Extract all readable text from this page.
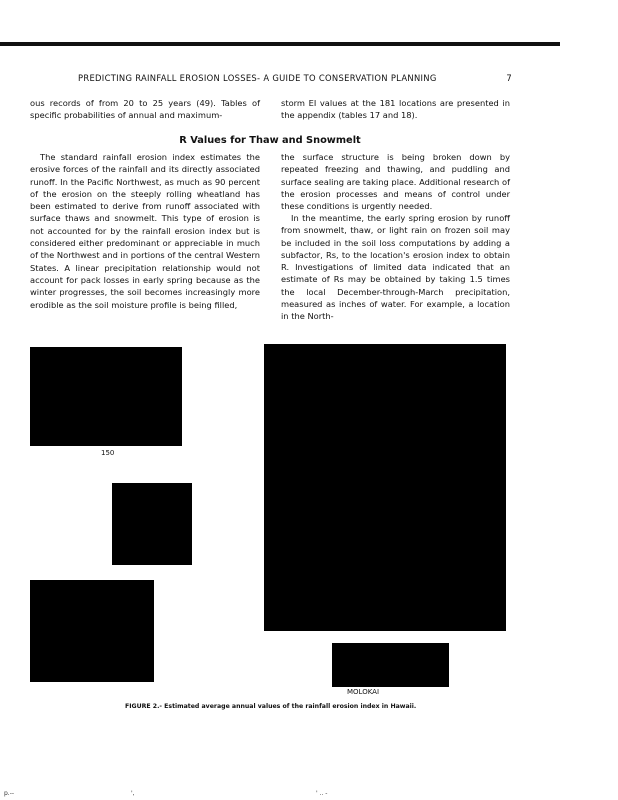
PREDICTING RAINFALL EROSION LOSSES- A GUIDE TO CONSERVATION PLANNING	7

ous records of from 20 to 25 years (49). Tables of specific probabilities of annual and maximum-

storm EI values at the 181 locations are presented in the appendix (tables 17 and 18).

R Values for Thaw and Snowmelt

The standard rainfall erosion index estimates the erosive forces of the rainfall and its directly associated runoff. In the Pacific Northwest, as much as 90 percent of the erosion on the steeply rolling wheatland has been estimated to derive from runoff associated with surface thaws and snowmelt. This type of erosion is not accounted for by the rainfall erosion index but is considered either predominant or appreciable in much of the Northwest and in portions of the central Western States. A linear precipitation relationship would not account for pack losses in early spring because as the winter progresses, the soil becomes increasingly more erodible as the soil moisture profile is being filled,

the surface structure is being broken down by repeated freezing and thawing, and puddling and surface sealing are taking place. Additional research of the erosion processes and means of control under these conditions is urgently needed.

In the meantime, the early spring erosion by runoff from snowmelt, thaw, or light rain on frozen soil may be included in the soil loss computations by adding a subfactor, Rs, to the location's erosion index to obtain R. Investigations of limited data indicated that an estimate of Rs may be obtained by taking 1.5 times the local December-through-March precipitation, measured as inches of water. For example, a location in the North-

150
MOLOKAI
FIGURE 2.- Estimated average annual values of the rainfall erosion index in Hawaii.
p.--	',	' .. -
